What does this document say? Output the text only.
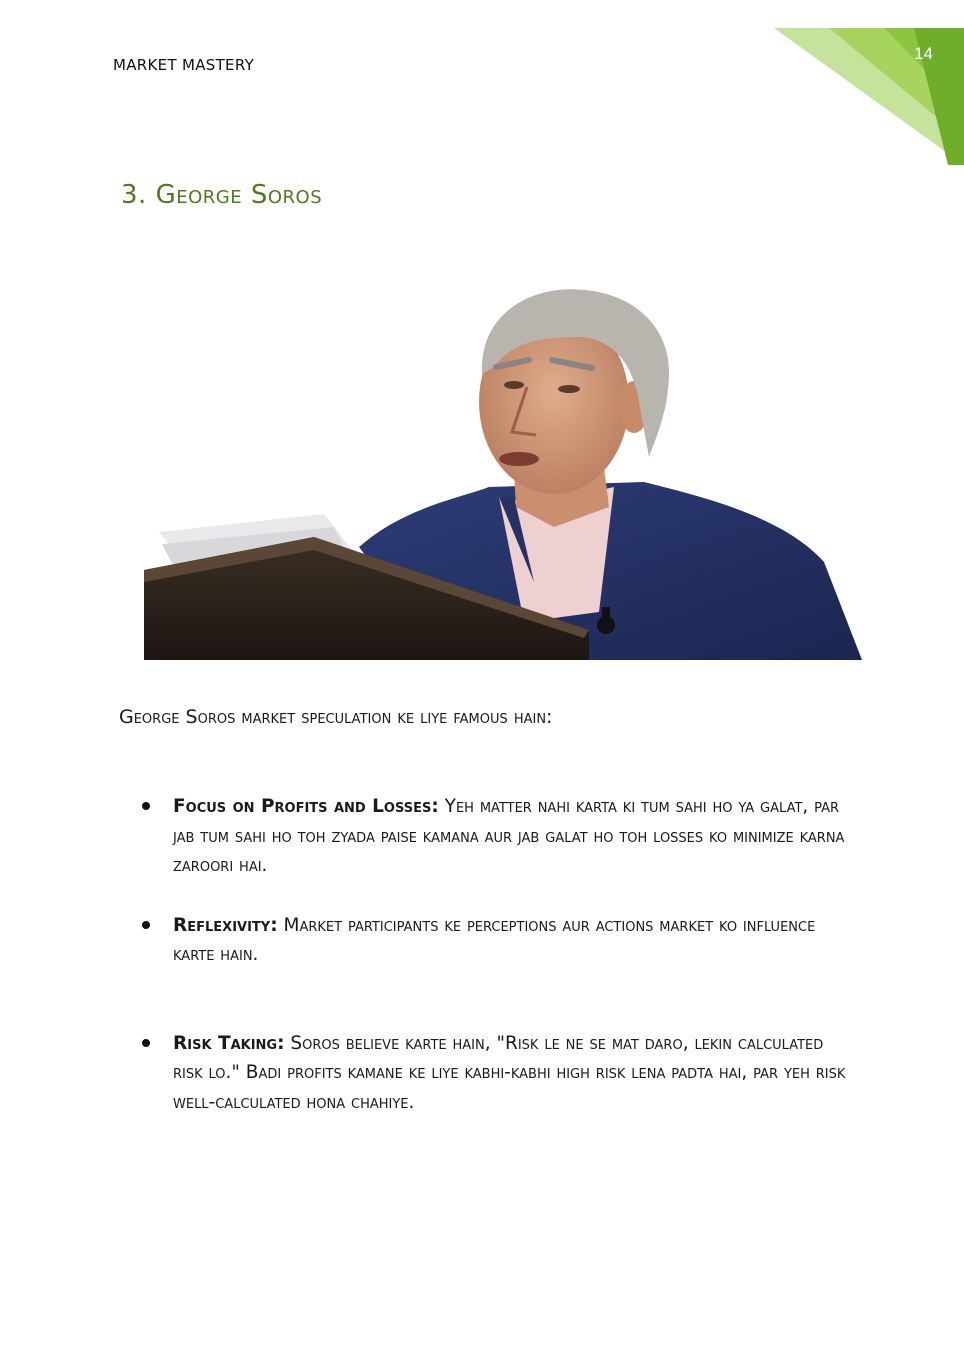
MARKET MASTERY
14
3. George Soros
George Soros market speculation ke liye famous hain:
Focus on Profits and Losses: Yeh matter nahi karta ki tum sahi ho ya galat, par jab tum sahi ho toh zyada paise kamana aur jab galat ho toh losses ko minimize karna zaroori hai.
Reflexivity: Market participants ke perceptions aur actions market ko influence karte hain.
Risk Taking: Soros believe karte hain, "Risk le ne se mat daro, lekin calculated risk lo." Badi profits kamane ke liye kabhi-kabhi high risk lena padta hai, par yeh risk well-calculated hona chahiye.
